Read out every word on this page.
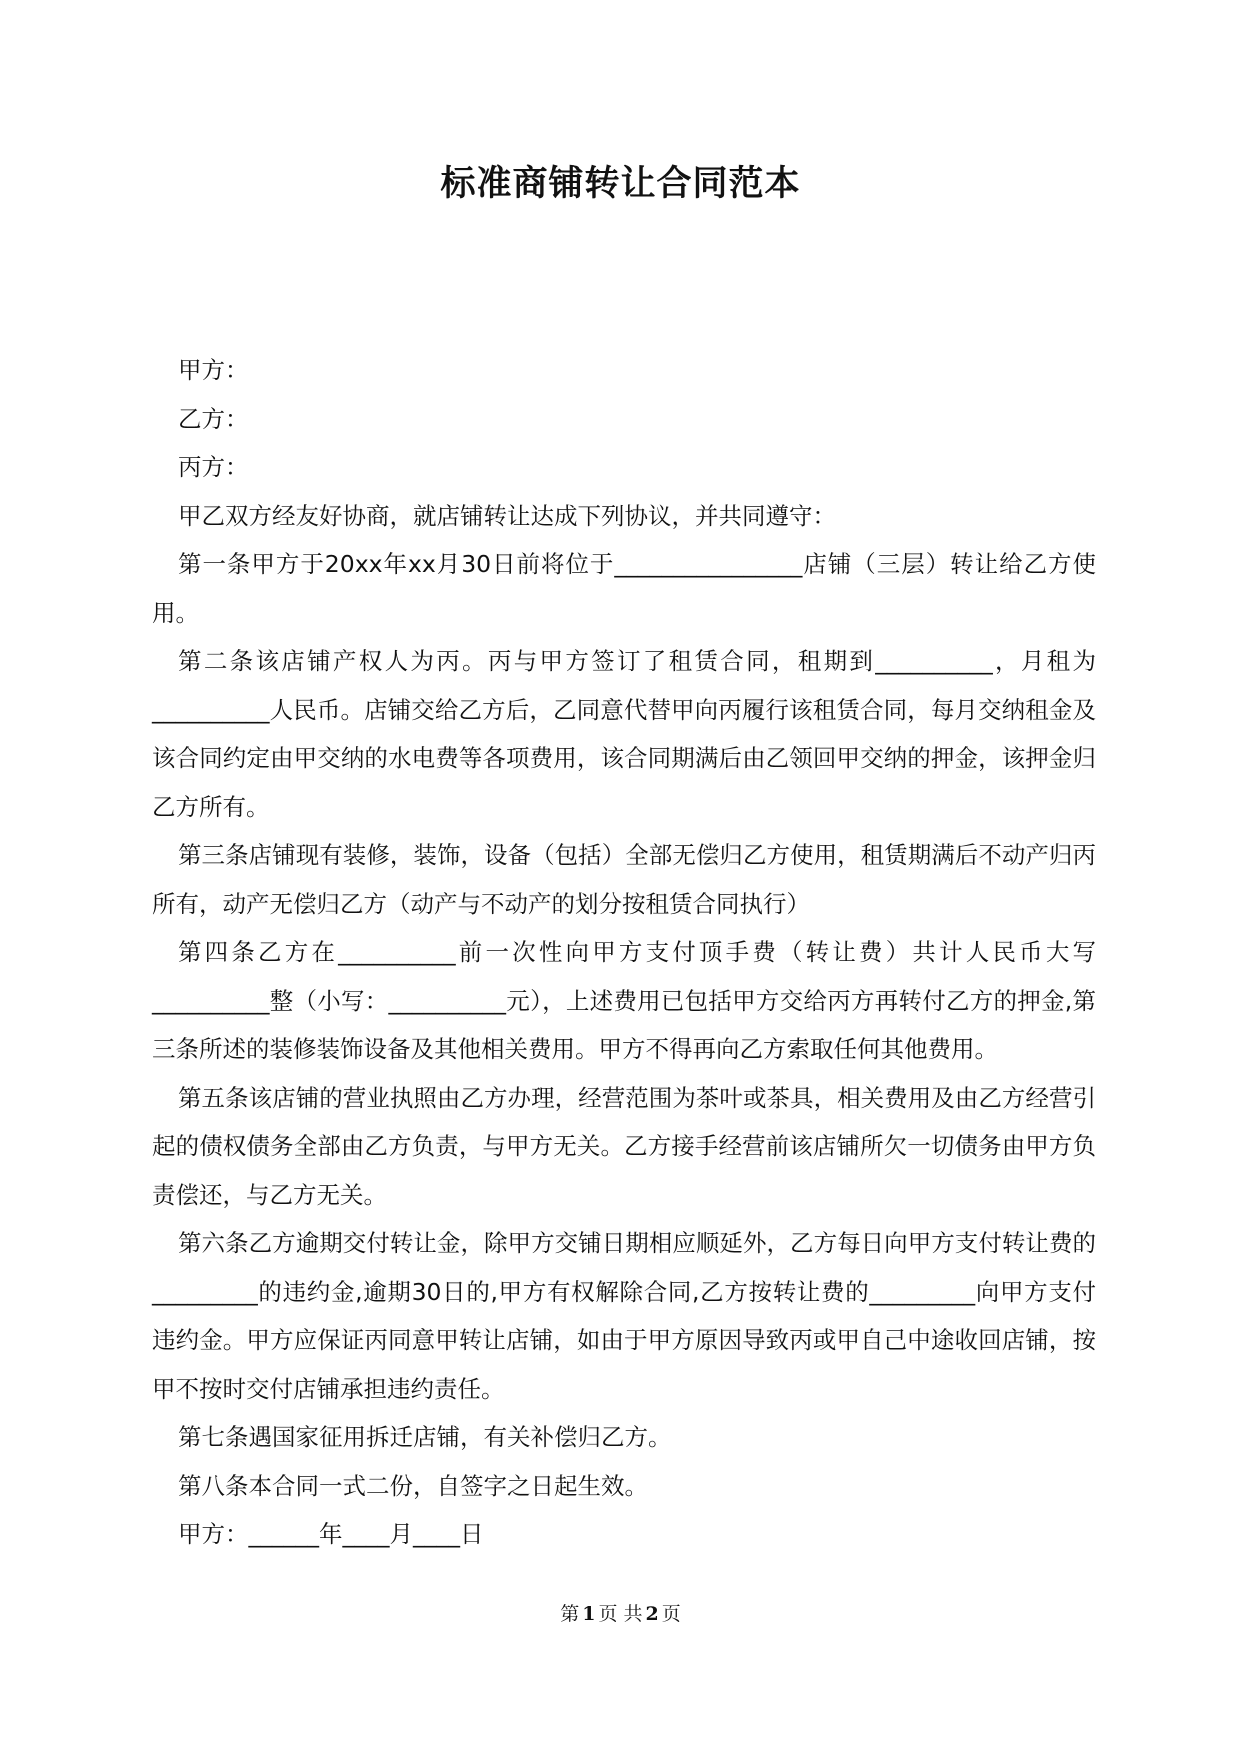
标准商铺转让合同范本

甲方：

乙方：

丙方：

甲乙双方经友好协商，就店铺转让达成下列协议，并共同遵守：

第一条甲方于20xx年xx月30日前将位于________________店铺（三层）转让给乙方使用。

第二条该店铺产权人为丙。丙与甲方签订了租赁合同，租期到__________，月租为__________人民币。店铺交给乙方后，乙同意代替甲向丙履行该租赁合同，每月交纳租金及该合同约定由甲交纳的水电费等各项费用，该合同期满后由乙领回甲交纳的押金，该押金归乙方所有。

第三条店铺现有装修，装饰，设备（包括）全部无偿归乙方使用，租赁期满后不动产归丙所有，动产无偿归乙方（动产与不动产的划分按租赁合同执行）

第四条乙方在__________前一次性向甲方支付顶手费（转让费）共计人民币大写__________整（小写：__________元），上述费用已包括甲方交给丙方再转付乙方的押金,第三条所述的装修装饰设备及其他相关费用。甲方不得再向乙方索取任何其他费用。

第五条该店铺的营业执照由乙方办理，经营范围为茶叶或茶具，相关费用及由乙方经营引起的债权债务全部由乙方负责，与甲方无关。乙方接手经营前该店铺所欠一切债务由甲方负责偿还，与乙方无关。

第六条乙方逾期交付转让金，除甲方交铺日期相应顺延外，乙方每日向甲方支付转让费的_________的违约金,逾期30日的,甲方有权解除合同,乙方按转让费的_________向甲方支付违约金。甲方应保证丙同意甲转让店铺，如由于甲方原因导致丙或甲自己中途收回店铺，按甲不按时交付店铺承担违约责任。

第七条遇国家征用拆迁店铺，有关补偿归乙方。

第八条本合同一式二份，自签字之日起生效。

甲方：______年____月____日

第 1 页 共 2 页
